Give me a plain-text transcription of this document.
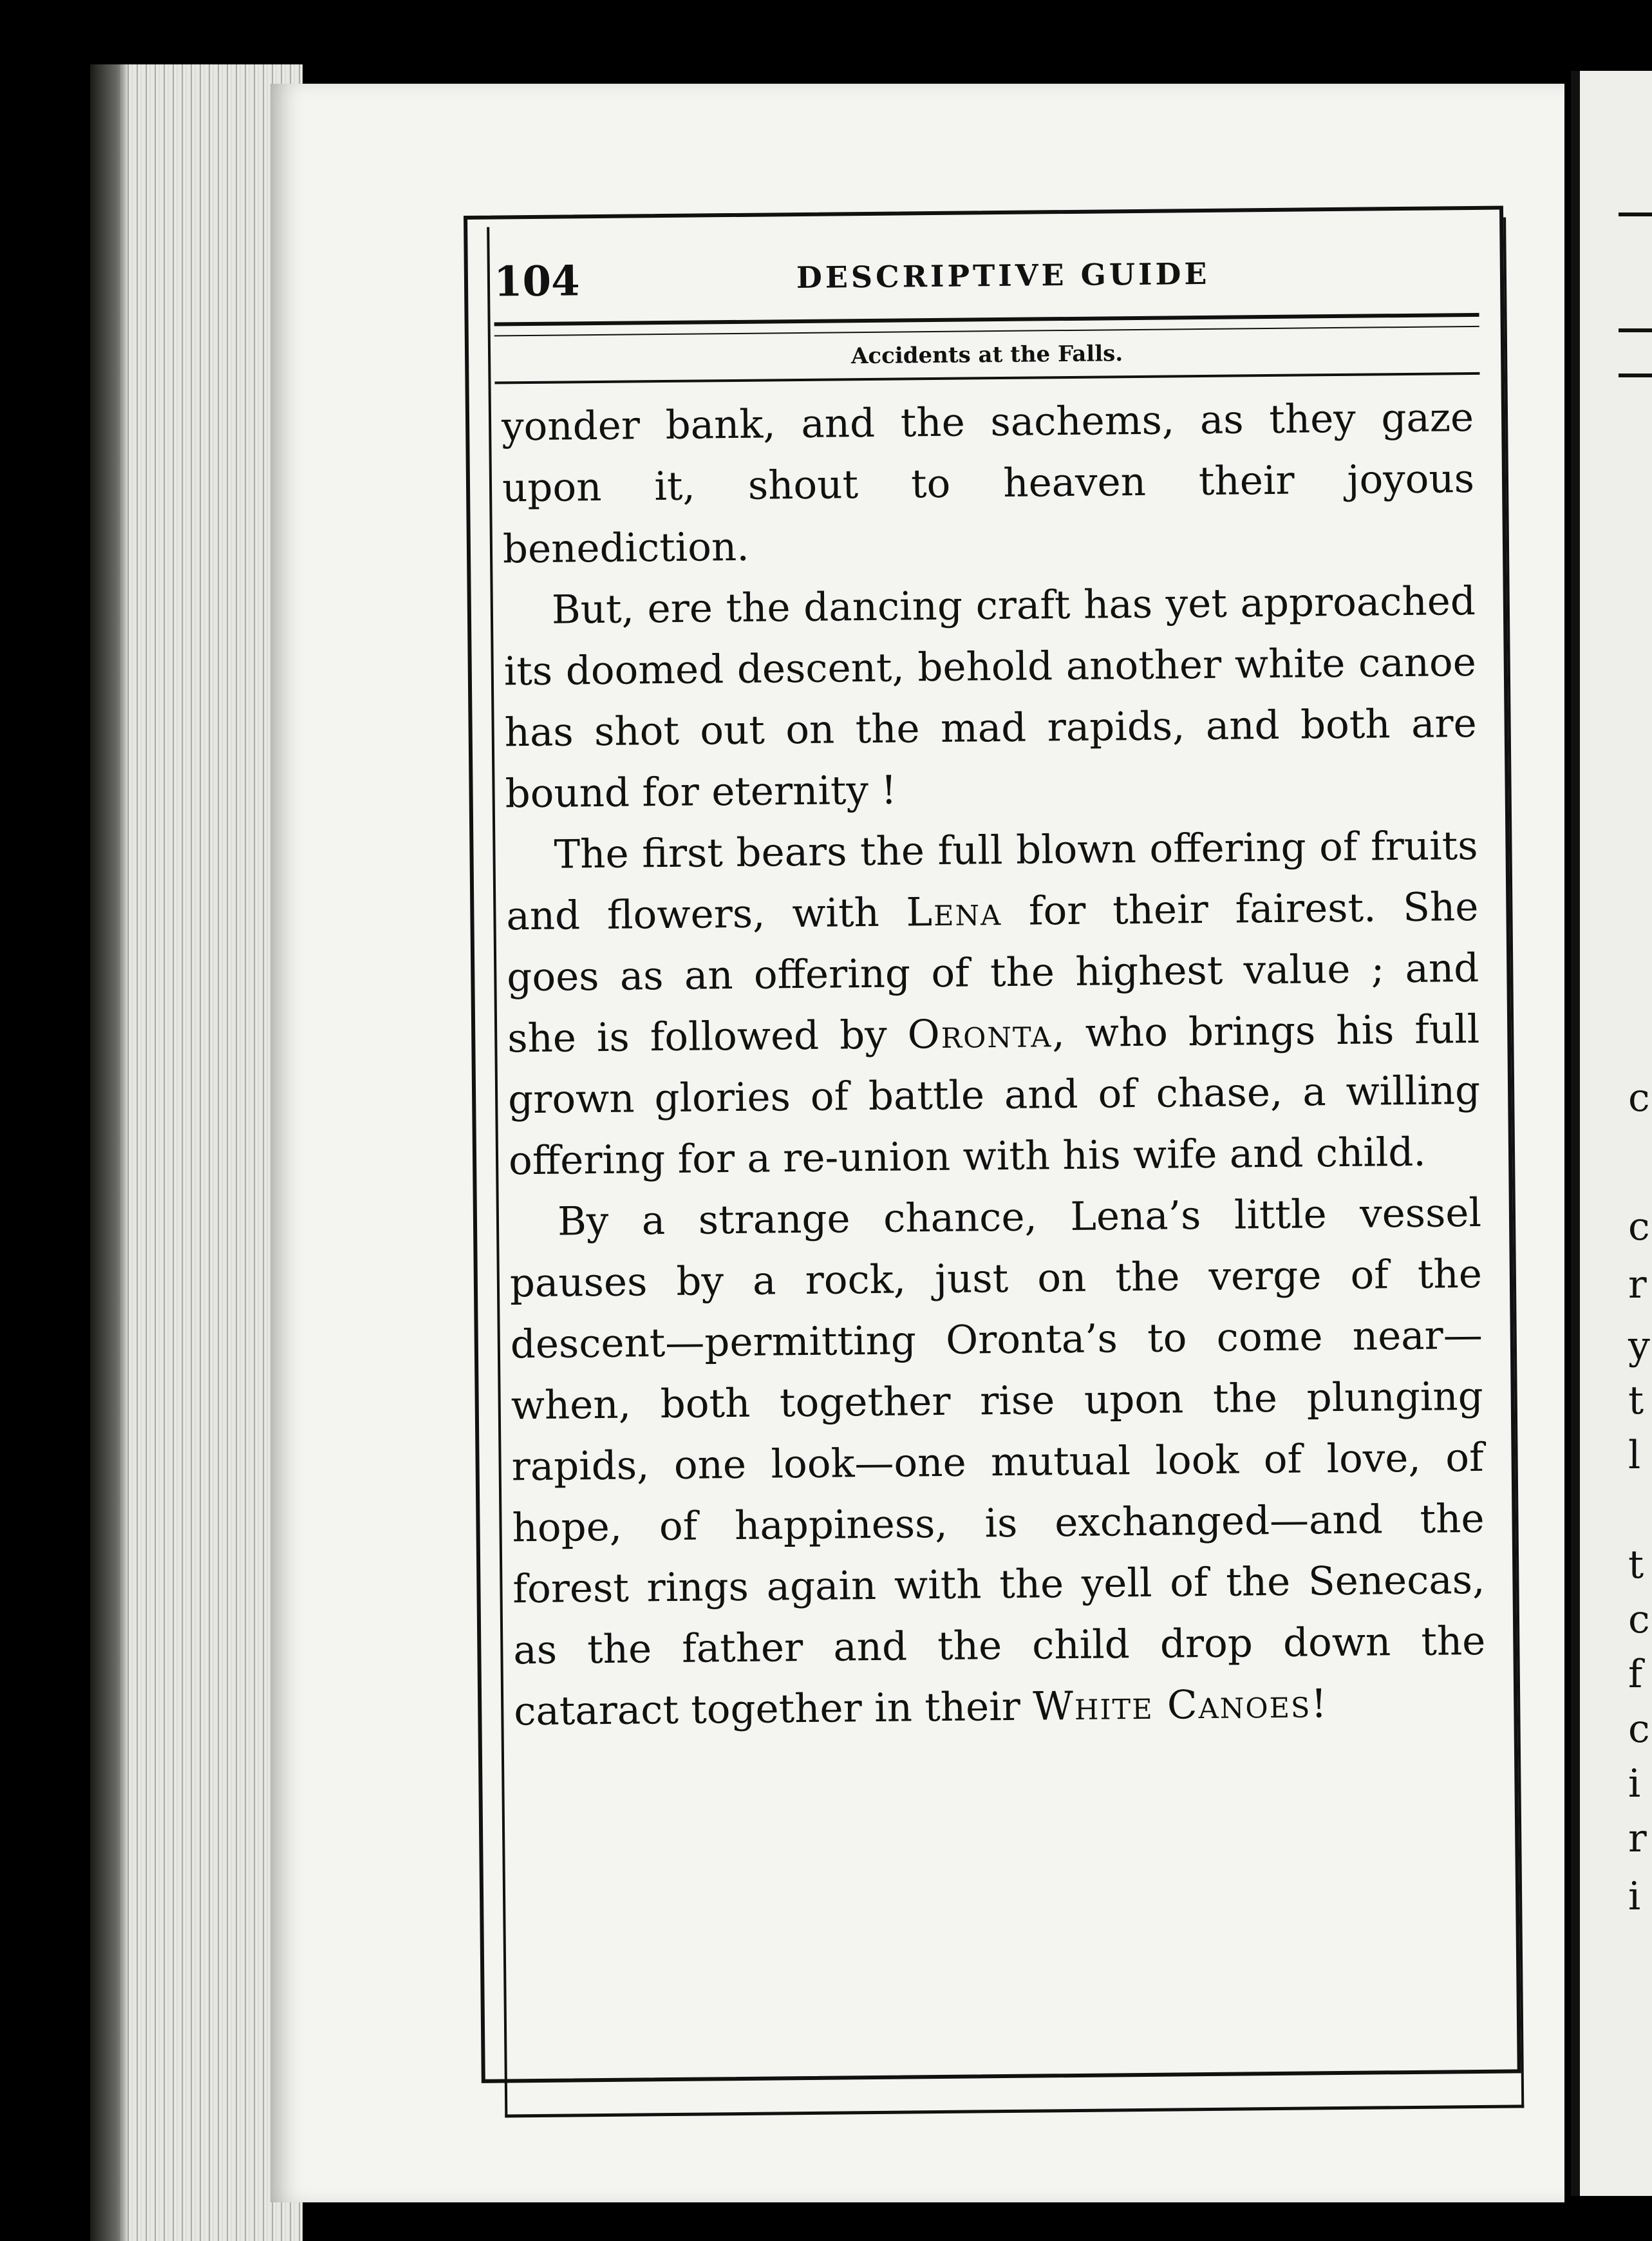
c
c
r
y
t
l
t
c
f
c
i
r
i
104	DESCRIPTIVE GUIDE
Accidents at the Falls.

yonder bank, and the sachems, as they gaze upon it, shout to heaven their joyous benediction.

But, ere the dancing craft has yet approached its doomed descent, behold another white canoe has shot out on the mad rapids, and both are bound for eternity !

The first bears the full blown offering of fruits and flowers, with Lena for their fairest. She goes as an offering of the highest value ; and she is followed by Oronta, who brings his full grown glories of battle and of chase, a willing offering for a re-union with his wife and child.

By a strange chance, Lena’s little vessel pauses by a rock, just on the verge of the descent—permitting Oronta’s to come near—when, both together rise upon the plunging rapids, one look—one mutual look of love, of hope, of happiness, is exchanged—and the forest rings again with the yell of the Senecas, as the father and the child drop down the cataract together in their White Canoes!
